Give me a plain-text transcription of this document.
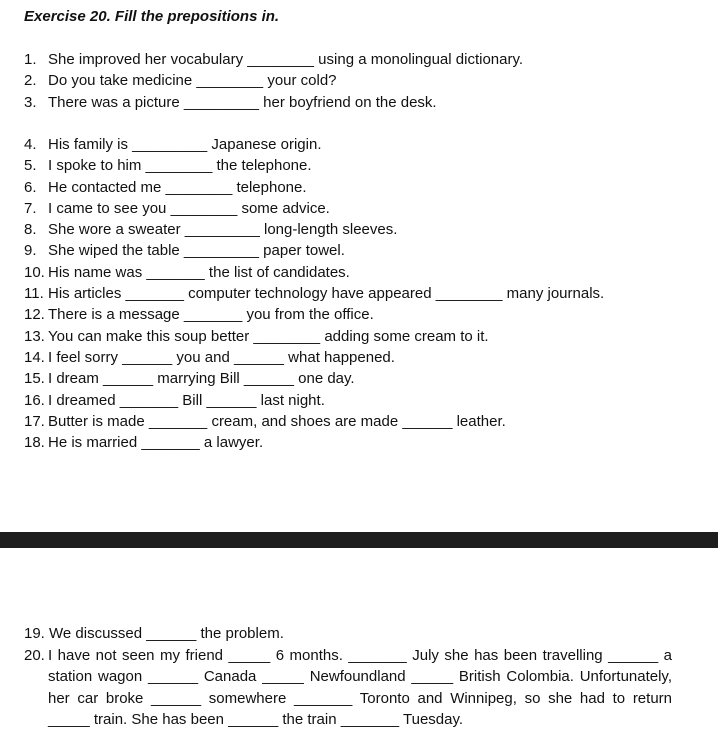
Exercise 20. Fill the prepositions in.
1. She improved her vocabulary ________ using a monolingual dictionary.
2. Do you take medicine ________ your cold?
3. There was a picture _________ her boyfriend on the desk.
4. His family is _________ Japanese origin.
5. I spoke to him ________ the telephone.
6. He contacted me ________ telephone.
7. I came to see you ________ some advice.
8. She wore a sweater _________ long-length sleeves.
9. She wiped the table _________ paper towel.
10. His name was _______ the list of candidates.
11. His articles _______ computer technology have appeared ________ many journals.
12. There is a message _______ you from the office.
13. You can make this soup better ________ adding some cream to it.
14. I feel sorry ______ you and ______ what happened.
15. I dream ______ marrying Bill ______ one day.
16. I dreamed _______ Bill ______ last night.
17. Butter is made _______ cream, and shoes are made ______ leather.
18. He is married _______ a lawyer.
19. We discussed ______ the problem.
20. I have not seen my friend _____ 6 months. _______ July she has been travelling ______ a station wagon ______ Canada _____ Newfoundland _____ British Colombia. Unfortunately, her car broke ______ somewhere _______ Toronto and Winnipeg, so she had to return _____ train. She has been ______ the train _______ Tuesday.
